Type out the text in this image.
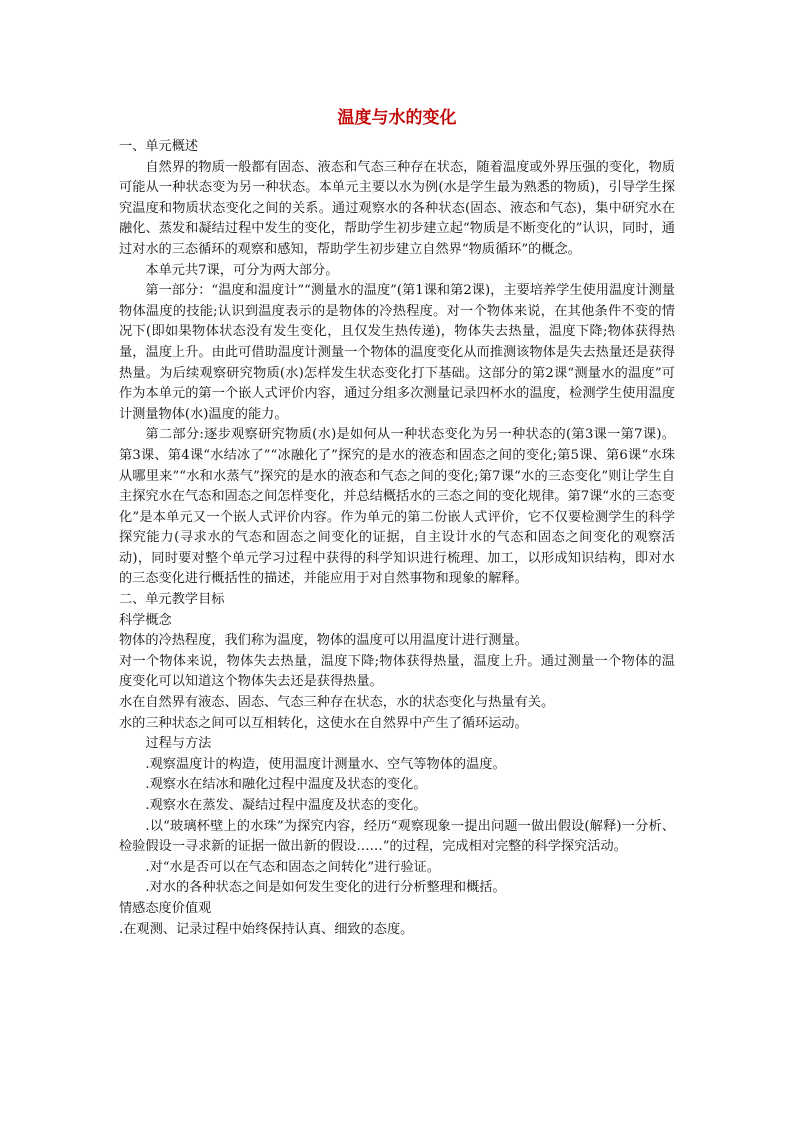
温度与水的变化

一、单元概述

自然界的物质一般都有固态、液态和气态三种存在状态，随着温度或外界压强的变化，物质可能从一种状态变为另一种状态。本单元主要以水为例(水是学生最为熟悉的物质)，引导学生探究温度和物质状态变化之间的关系。通过观察水的各种状态(固态、液态和气态)，集中研究水在融化、蒸发和凝结过程中发生的变化，帮助学生初步建立起“物质是不断变化的”认识，同时，通过对水的三态循环的观察和感知，帮助学生初步建立自然界“物质循环”的概念。

本单元共7课，可分为两大部分。

第一部分：“温度和温度计”“测量水的温度”(第1课和第2课)，主要培养学生使用温度计测量物体温度的技能;认识到温度表示的是物体的冷热程度。对一个物体来说，在其他条件不变的情况下(即如果物体状态没有发生变化，且仅发生热传递)，物体失去热量，温度下降;物体获得热量，温度上升。由此可借助温度计测量一个物体的温度变化从而推测该物体是失去热量还是获得热量。为后续观察研究物质(水)怎样发生状态变化打下基础。这部分的第2课“测量水的温度”可作为本单元的第一个嵌人式评价内容，通过分组多次测量记录四杯水的温度，检测学生使用温度计测量物体(水)温度的能力。

第二部分:逐步观察研究物质(水)是如何从一种状态变化为另一种状态的(第3课一第7课)。第3课、第4课“水结冰了”“冰融化了”探究的是水的液态和固态之间的变化;第5课、第6课“水珠从哪里来”“水和水蒸气”探究的是水的液态和气态之间的变化;第7课“水的三态变化”则让学生自主探究水在气态和固态之间怎样变化，并总结概括水的三态之间的变化规律。第7课“水的三态变化”是本单元又一个嵌人式评价内容。作为单元的第二份嵌人式评价，它不仅要检测学生的科学探究能力(寻求水的气态和固态之间变化的证据，自主设计水的气态和固态之间变化的观察活动)，同时要对整个单元学习过程中获得的科学知识进行梳理、加工，以形成知识结构，即对水的三态变化进行概括性的描述，并能应用于对自然事物和现象的解释。

二、单元教学目标

科学概念

物体的冷热程度，我们称为温度，物体的温度可以用温度计进行测量。

对一个物体来说，物体失去热量，温度下降;物体获得热量，温度上升。通过测量一个物体的温度变化可以知道这个物体失去还是获得热量。

水在自然界有液态、固态、气态三种存在状态，水的状态变化与热量有关。

水的三种状态之间可以互相转化，这使水在自然界中产生了循环运动。

过程与方法

.观察温度计的构造，使用温度计测量水、空气等物体的温度。

.观察水在结冰和融化过程中温度及状态的变化。

.观察水在蒸发、凝结过程中温度及状态的变化。

.以“玻璃杯壁上的水珠”为探究内容，经历“观察现象一提出问题一做出假设(解释)一分析、检验假设一寻求新的证据一做出新的假设……”的过程，完成相对完整的科学探究活动。

.对“水是否可以在气态和固态之间转化”进行验证。

.对水的各种状态之间是如何发生变化的进行分析整理和概括。

情感态度价值观

.在观测、记录过程中始终保持认真、细致的态度。
